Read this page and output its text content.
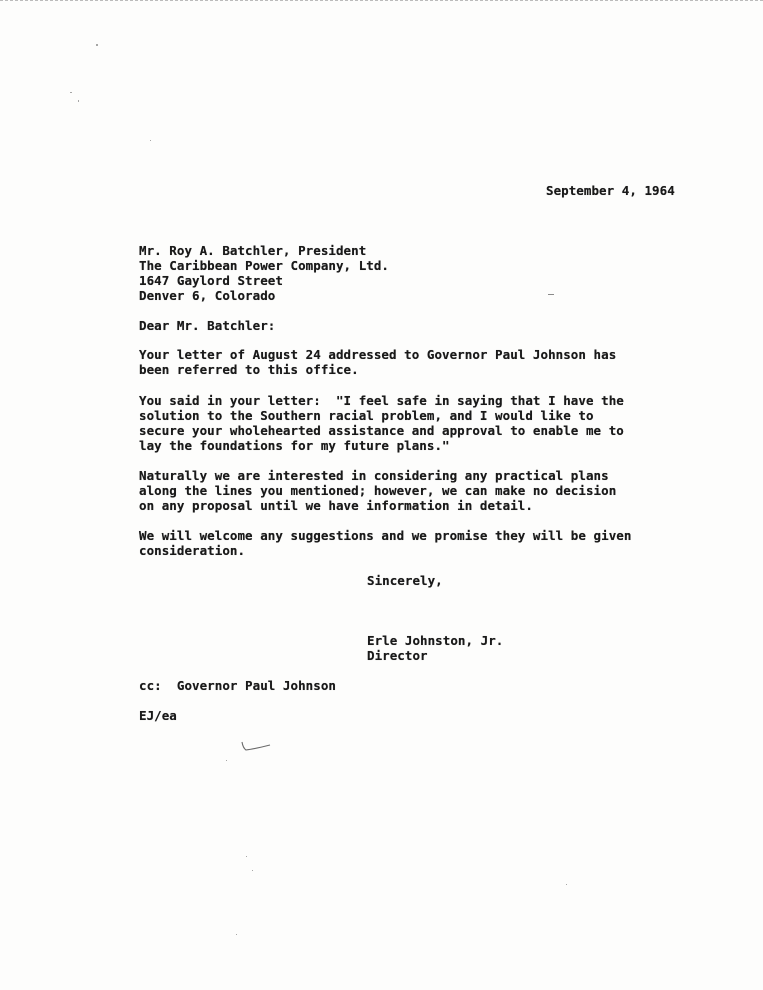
September 4, 1964
Mr. Roy A. Batchler, President
The Caribbean Power Company, Ltd.
1647 Gaylord Street
Denver 6, Colorado
Dear Mr. Batchler:
Your letter of August 24 addressed to Governor Paul Johnson has
been referred to this office.
You said in your letter:  "I feel safe in saying that I have the
solution to the Southern racial problem, and I would like to
secure your wholehearted assistance and approval to enable me to
lay the foundations for my future plans."
Naturally we are interested in considering any practical plans
along the lines you mentioned; however, we can make no decision
on any proposal until we have information in detail.
We will welcome any suggestions and we promise they will be given
consideration.
Sincerely,
Erle Johnston, Jr.
Director
cc:  Governor Paul Johnson
EJ/ea
